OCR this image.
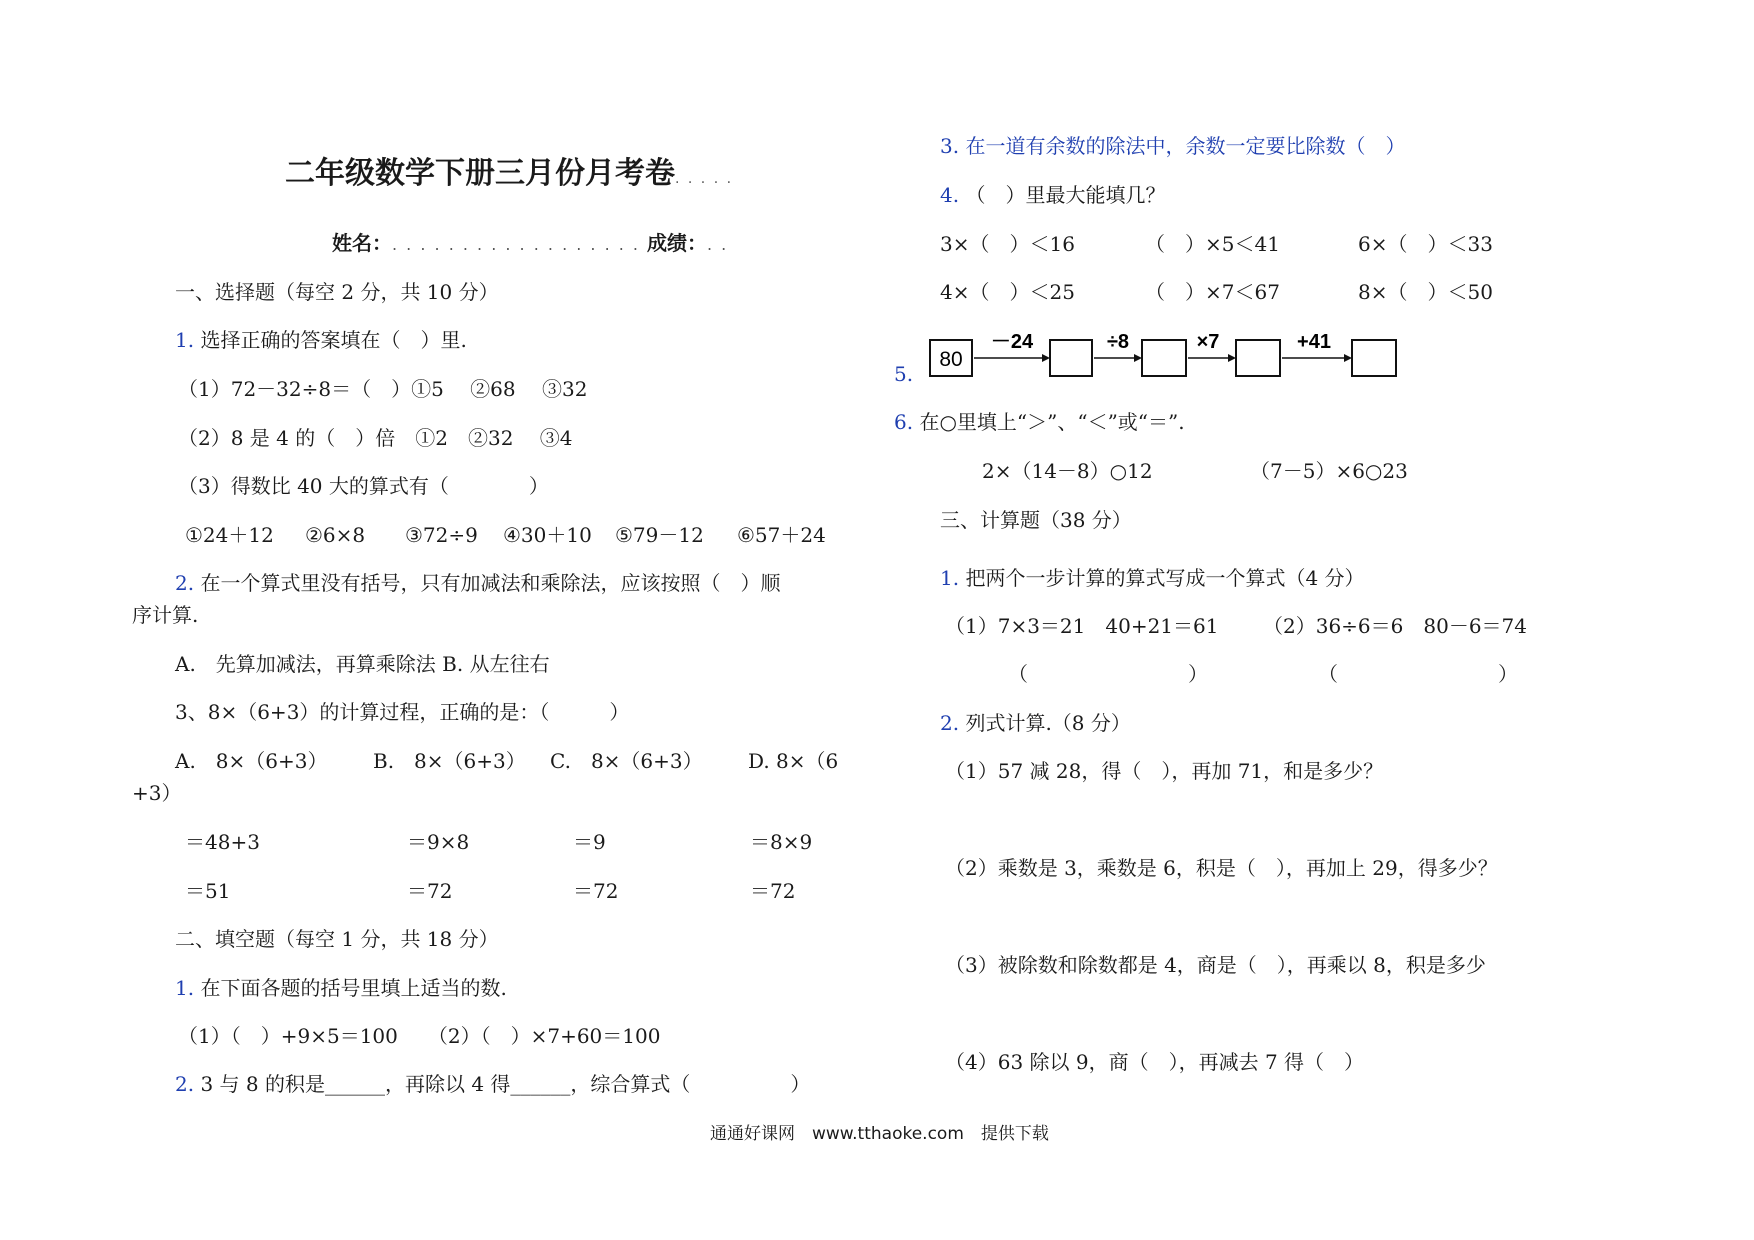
二年级数学下册三月份月考卷. . . . .
姓名：. . . . . . . . . . . . . . . . . . 成绩：. .
一、选择题（每空 2 分，共 10 分）
1. 选择正确的答案填在（　）里.
（1）72－32÷8＝（　）①5　 ②68　 ③32
（2）8 是 4 的（　）倍　①2　②32　 ③4
（3）得数比 40 大的算式有（　　　　）
①24＋12 ②6×8 ③72÷9 ④30＋10 ⑤79－12 ⑥57＋24
2. 在一个算式里没有括号，只有加减法和乘除法，应该按照（　）顺
序计算.
A.　先算加减法，再算乘除法 B. 从左往右
3、8×（6+3）的计算过程，正确的是：（　　　）
A.　8×（6+3） B.　8×（6+3） C.　8×（6+3） D. 8×（6
+3）
＝48+3	＝9×8	＝9	＝8×9
＝51	＝72	＝72	＝72
二、填空题（每空 1 分，共 18 分）
1. 在下面各题的括号里填上适当的数.
（1）（　）+9×5＝100　　（2）（　）×7+60＝100
2. 3 与 8 的积是______，再除以 4 得______，综合算式（　　　　　）
3. 在一道有余数的除法中，余数一定要比除数（　）
4. （　）里最大能填几？
3×（　）＜16	（　）×5＜41	6×（　）＜33
4×（　）＜25	（　）×7＜67	8×（　）＜50
5.
80
－24	÷8	×7	+41
6. 在○里填上“＞”、“＜”或“＝”.
2×（14－8）○12	（7－5）×6○23
三、计算题（38 分）
1. 把两个一步计算的算式写成一个算式（4 分）
（1）7×3＝21　40+21＝61 （2）36÷6＝6　80－6＝74
（　　　　　　　　）	（　　　　　　　　）
2. 列式计算.（8 分）
（1）57 减 28，得（　），再加 71，和是多少？
（2）乘数是 3，乘数是 6，积是（　），再加上 29，得多少？
（3）被除数和除数都是 4，商是（　），再乘以 8，积是多少
（4）63 除以 9，商（　），再减去 7 得（　）
通通好课网　www.tthaoke.com　提供下载
